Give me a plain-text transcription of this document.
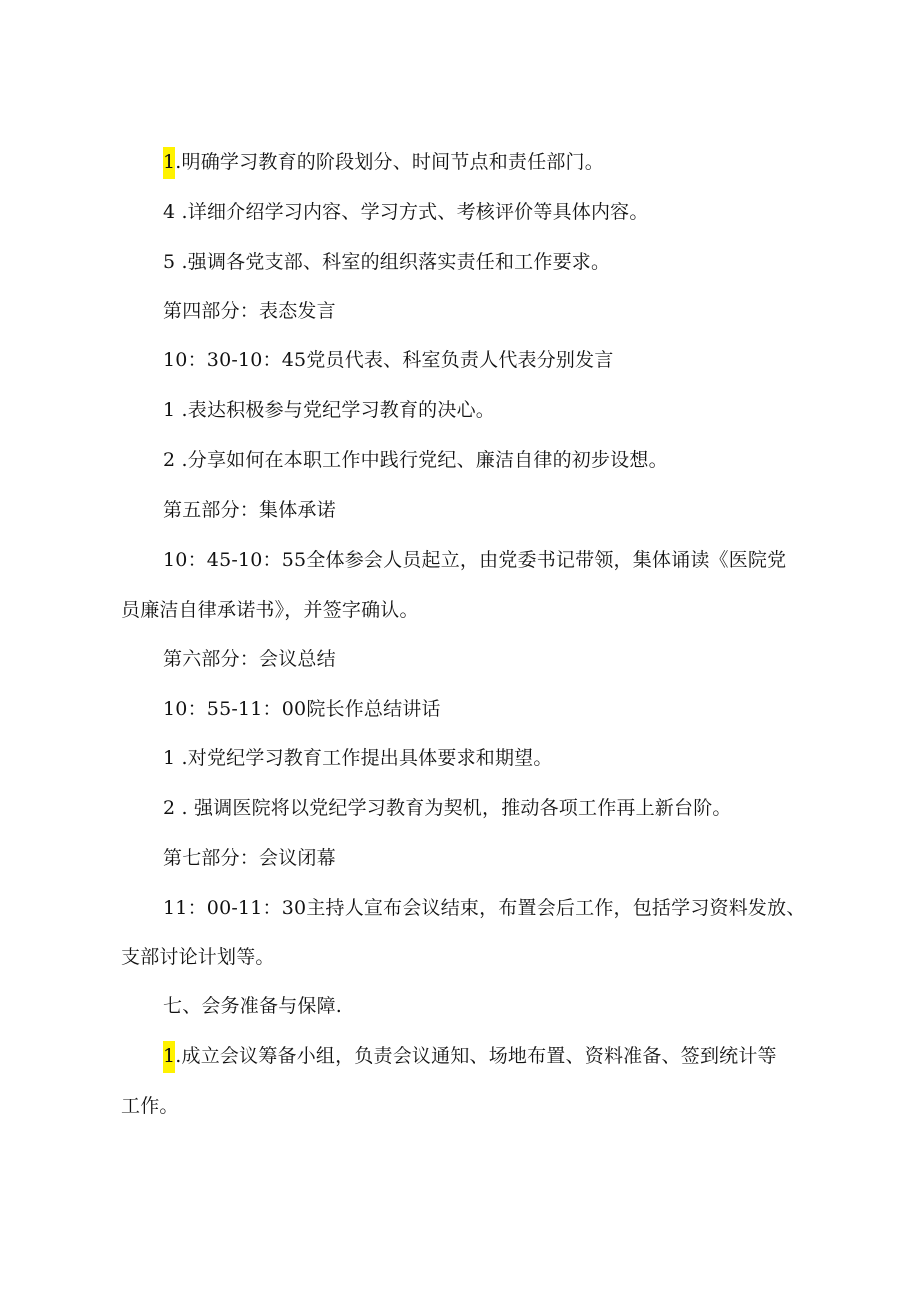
1.明确学习教育的阶段划分、时间节点和责任部门。
4 .详细介绍学习内容、学习方式、考核评价等具体内容。
5 .强调各党支部、科室的组织落实责任和工作要求。
第四部分：表态发言
10：30-10：45党员代表、科室负责人代表分别发言
1 .表达积极参与党纪学习教育的决心。
2 .分享如何在本职工作中践行党纪、廉洁自律的初步设想。
第五部分：集体承诺
10：45-10：55全体参会人员起立，由党委书记带领，集体诵读《医院党
员廉洁自律承诺书》，并签字确认。
第六部分：会议总结
10：55-11：00院长作总结讲话
1 .对党纪学习教育工作提出具体要求和期望。
2 . 强调医院将以党纪学习教育为契机，推动各项工作再上新台阶。
第七部分：会议闭幕
11：00-11：30主持人宣布会议结束，布置会后工作，包括学习资料发放、
支部讨论计划等。
七、会务准备与保障.
1.成立会议筹备小组，负责会议通知、场地布置、资料准备、签到统计等
工作。
